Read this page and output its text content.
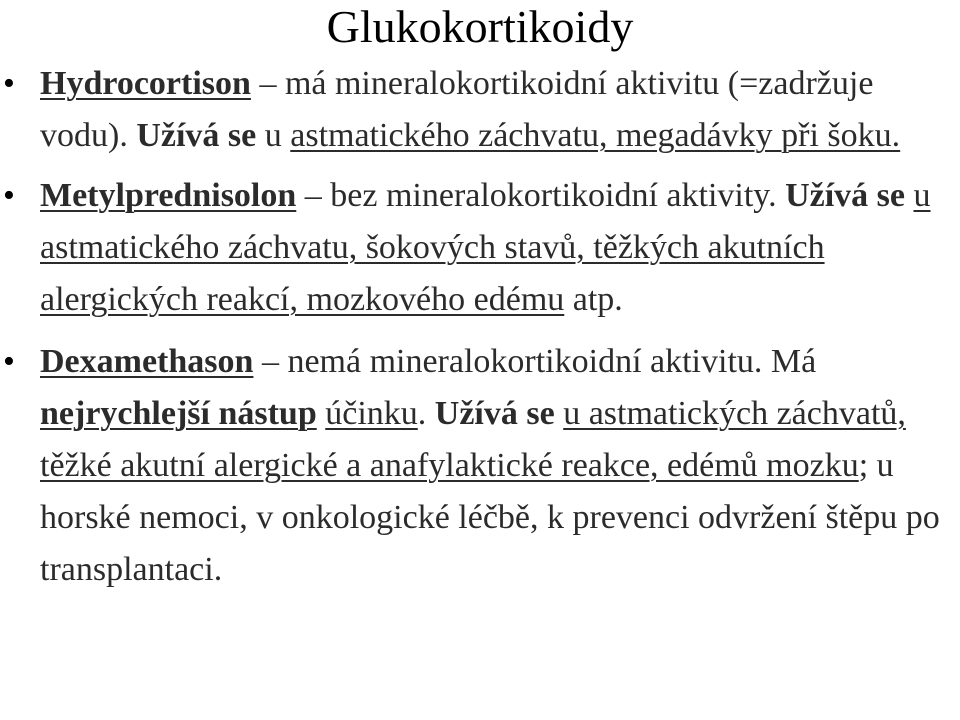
Glukokortikoidy
• Hydrocortison – má mineralokortikoidní aktivitu (=zadržuje vodu). Užívá se u astmatického záchvatu, megadávky při šoku.
• Metylprednisolon – bez mineralokortikoidní aktivity. Užívá se u astmatického záchvatu, šokových stavů, těžkých akutních alergických reakcí, mozkového edému atp.
• Dexamethason – nemá mineralokortikoidní aktivitu. Má nejrychlejší nástup účinku. Užívá se u astmatických záchvatů, těžké akutní alergické a anafylaktické reakce, edémů mozku; u horské nemoci, v onkologické léčbě, k prevenci odvržení štěpu po transplantaci.
